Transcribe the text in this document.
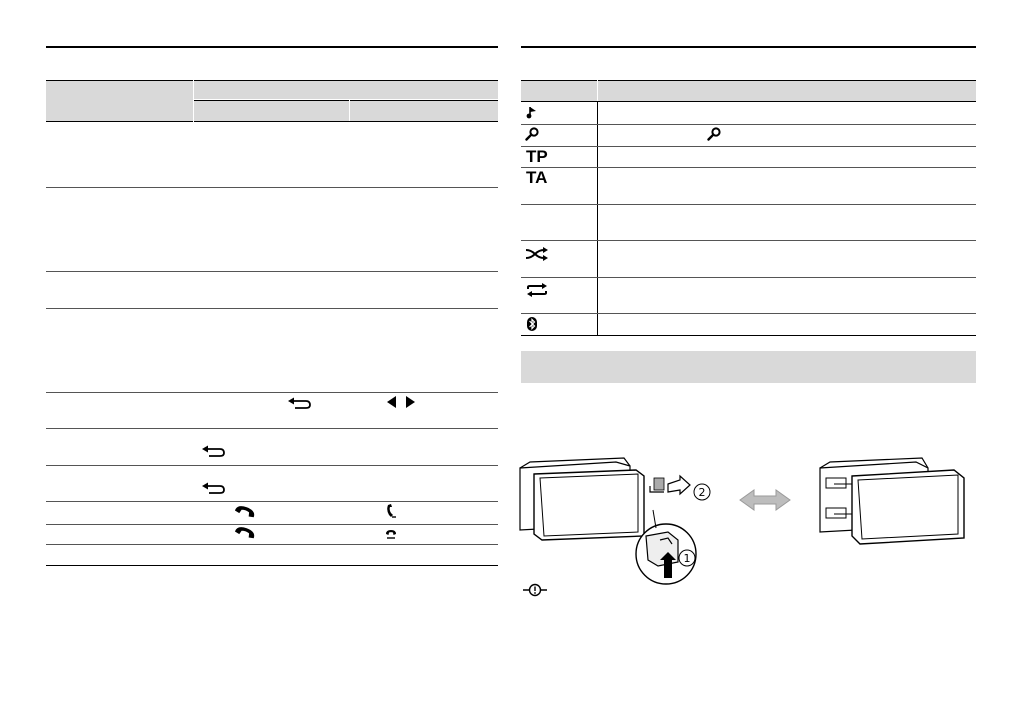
TP
TA
2
1
